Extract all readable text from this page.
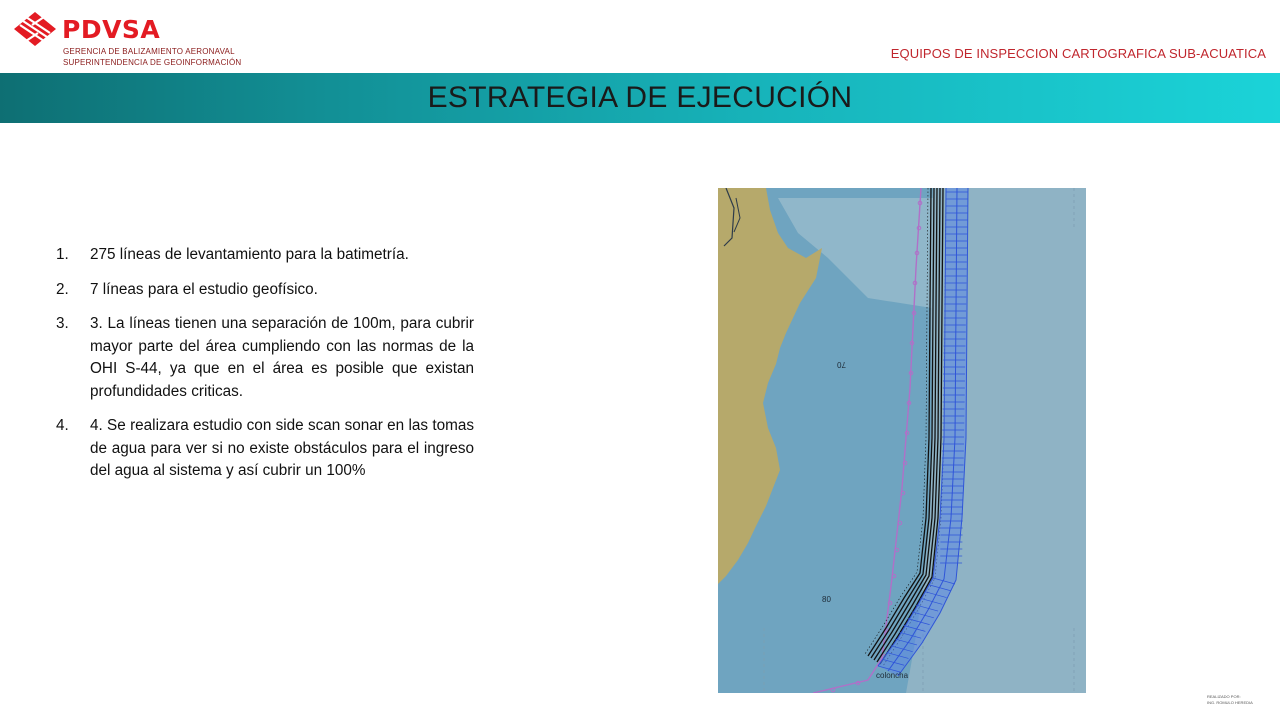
PDVSA
GERENCIA DE BALIZAMIENTO AERONAVAL
SUPERINTENDENCIA DE GEOINFORMACIÓN
EQUIPOS DE INSPECCION CARTOGRAFICA SUB-ACUATICA
ESTRATEGIA DE EJECUCIÓN
1.	275 líneas de levantamiento para la batimetría.
2.	7 líneas para el estudio geofísico.
3.	3. La líneas tienen una separación de 100m, para cubrir mayor parte del área cumpliendo con las normas de la OHI S-44, ya que en el área es posible que existan profundidades criticas.
4.	4. Se realizara estudio con side scan sonar en las tomas de agua para ver si no existe obstáculos para el ingreso del agua al sistema y así cubrir un 100%
70
80
coloncha
REALIZADO POR:
ING. ROMULO HEREDIA
